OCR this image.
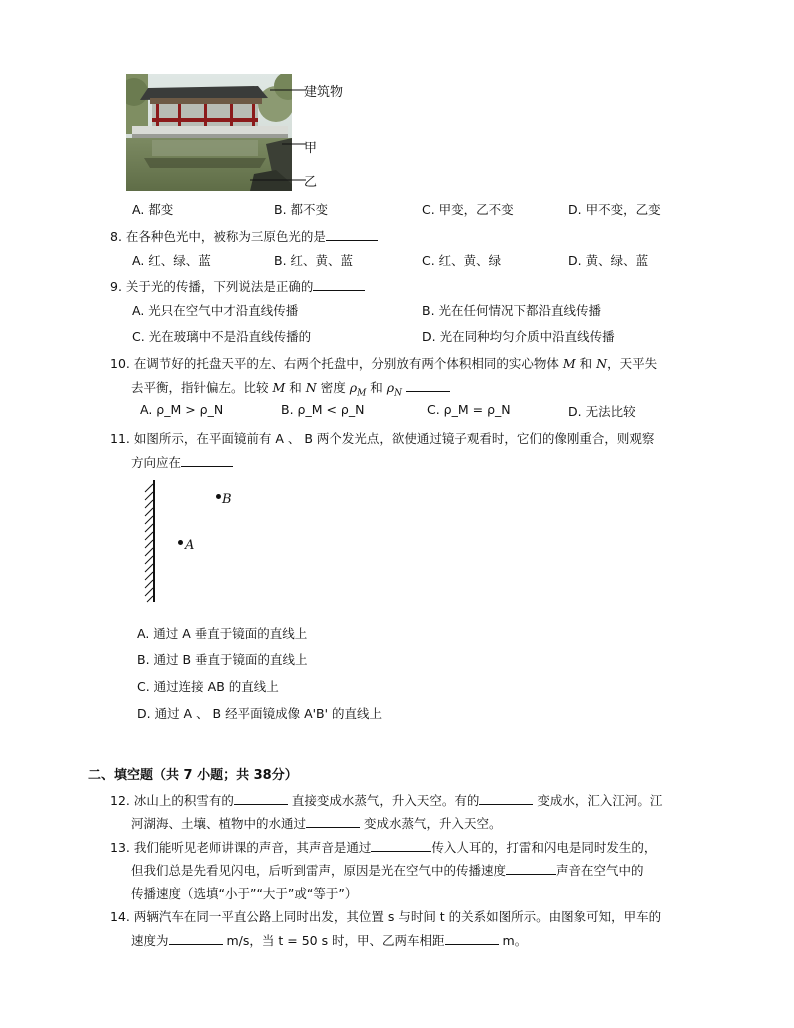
建筑物
甲
乙
A. 都变	B. 都不变	C. 甲变，乙不变	D. 甲不变，乙变
8. 在各种色光中，被称为三原色光的是
A. 红、绿、蓝	B. 红、黄、蓝	C. 红、黄、绿	D. 黄、绿、蓝
9. 关于光的传播，下列说法是正确的
A. 光只在空气中才沿直线传播	B. 光在任何情况下都沿直线传播
C. 光在玻璃中不是沿直线传播的	D. 光在同种均匀介质中沿直线传播
10. 在调节好的托盘天平的左、右两个托盘中，分别放有两个体积相同的实心物体 M 和 N，天平失
去平衡，指针偏左。比较 M 和 N 密度 $\rho_M$ 和 $\rho_N$
A. ρ_M > ρ_N	B. ρ_M < ρ_N	C. ρ_M = ρ_N	D. 无法比较
11. 如图所示，在平面镜前有 A 、 B 两个发光点，欲使通过镜子观看时，它们的像刚重合，则观察
方向应在
B
A
A. 通过 A 垂直于镜面的直线上
B. 通过 B 垂直于镜面的直线上
C. 通过连接 AB 的直线上
D. 通过 A 、 B 经平面镜成像 A'B' 的直线上
二、填空题（共 7 小题；共 38分）
12. 冰山上的积雪有的	直接变成水蒸气，升入天空。有的	变成水，汇入江河。江
河湖海、土壤、植物中的水通过	变成水蒸气，升入天空。
13. 我们能听见老师讲课的声音，其声音是通过	传入人耳的，打雷和闪电是同时发生的，
但我们总是先看见闪电，后听到雷声，原因是光在空气中的传播速度	声音在空气中的
传播速度（选填“小于”“大于”或“等于”）
14. 两辆汽车在同一平直公路上同时出发，其位置 s 与时间 t 的关系如图所示。由图象可知，甲车的
速度为	m/s，当 t = 50 s 时，甲、乙两车相距	m。
